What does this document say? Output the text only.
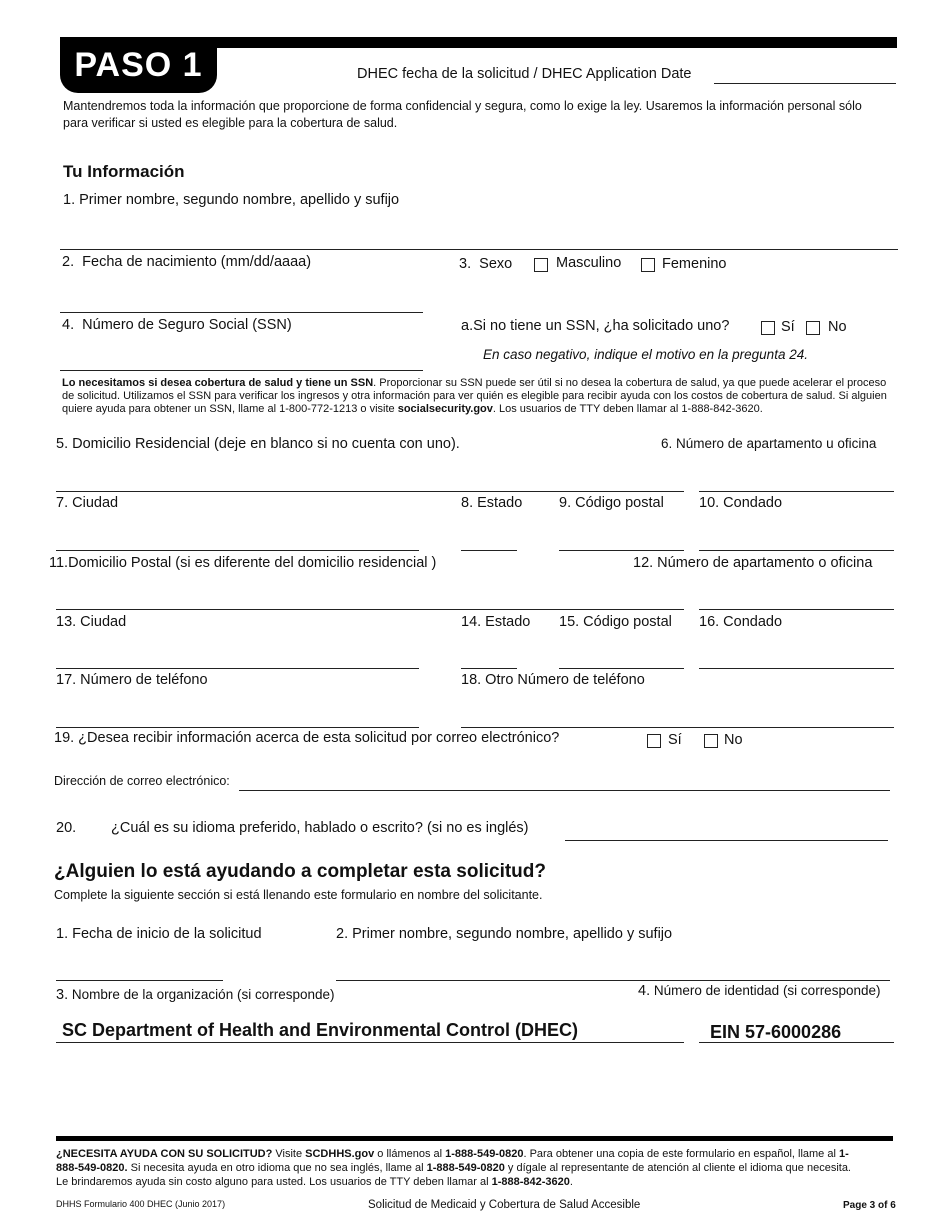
PASO 1	DHEC fecha de la solicitud / DHEC Application Date
Mantendremos toda la información que proporcione de forma confidencial y segura, como lo exige la ley. Usaremos la información personal sólo para verificar si usted es elegible para la cobertura de salud.
Tu Información
1. Primer nombre, segundo nombre, apellido y sufijo
2. Fecha de nacimiento (mm/dd/aaaa)	3. Sexo	Masculino	Femenino
4. Número de Seguro Social (SSN)	a.Si no tiene un SSN, ¿ha solicitado uno?	Sí No
En caso negativo, indique el motivo en la pregunta 24.
Lo necesitamos si desea cobertura de salud y tiene un SSN. Proporcionar su SSN puede ser útil si no desea la cobertura de salud, ya que puede acelerar el proceso de solicitud. Utilizamos el SSN para verificar los ingresos y otra información para ver quién es elegible para recibir ayuda con los costos de cobertura de salud. Si alguien quiere ayuda para obtener un SSN, llame al 1-800-772-1213 o visite socialsecurity.gov. Los usuarios de TTY deben llamar al 1-888-842-3620.
5. Domicilio Residencial (deje en blanco si no cuenta con uno).	6. Número de apartamento u oficina
7. Ciudad	8. Estado	9. Código postal 10. Condado
11.Domicilio Postal (si es diferente del domicilio residencial )	12. Número de apartamento o oficina
13. Ciudad	14. Estado 15. Código postal 16. Condado
17. Número de teléfono	18. Otro Número de teléfono
19. ¿Desea recibir información acerca de esta solicitud por correo electrónico?	Sí	No
Dirección de correo electrónico:
20. ¿Cuál es su idioma preferido, hablado o escrito? (si no es inglés)
¿Alguien lo está ayudando a completar esta solicitud?
Complete la siguiente sección si está llenando este formulario en nombre del solicitante.
1. Fecha de inicio de la solicitud	2. Primer nombre, segundo nombre, apellido y sufijo
3. Nombre de la organización (si corresponde)	4. Número de identidad (si corresponde)
SC Department of Health and Environmental Control (DHEC)	EIN 57-6000286
¿NECESITA AYUDA CON SU SOLICITUD? Visite SCDHHS.gov o llámenos al 1-888-549-0820. Para obtener una copia de este formulario en español, llame al 1-888-549-0820. Si necesita ayuda en otro idioma que no sea inglés, llame al 1-888-549-0820 y dígale al representante de atención al cliente el idioma que necesita. Le brindaremos ayuda sin costo alguno para usted. Los usuarios de TTY deben llamar al 1-888-842-3620.
DHHS Formulario 400 DHEC (Junio 2017)	Solicitud de Medicaid y Cobertura de Salud Accesible	Page 3 of 6
